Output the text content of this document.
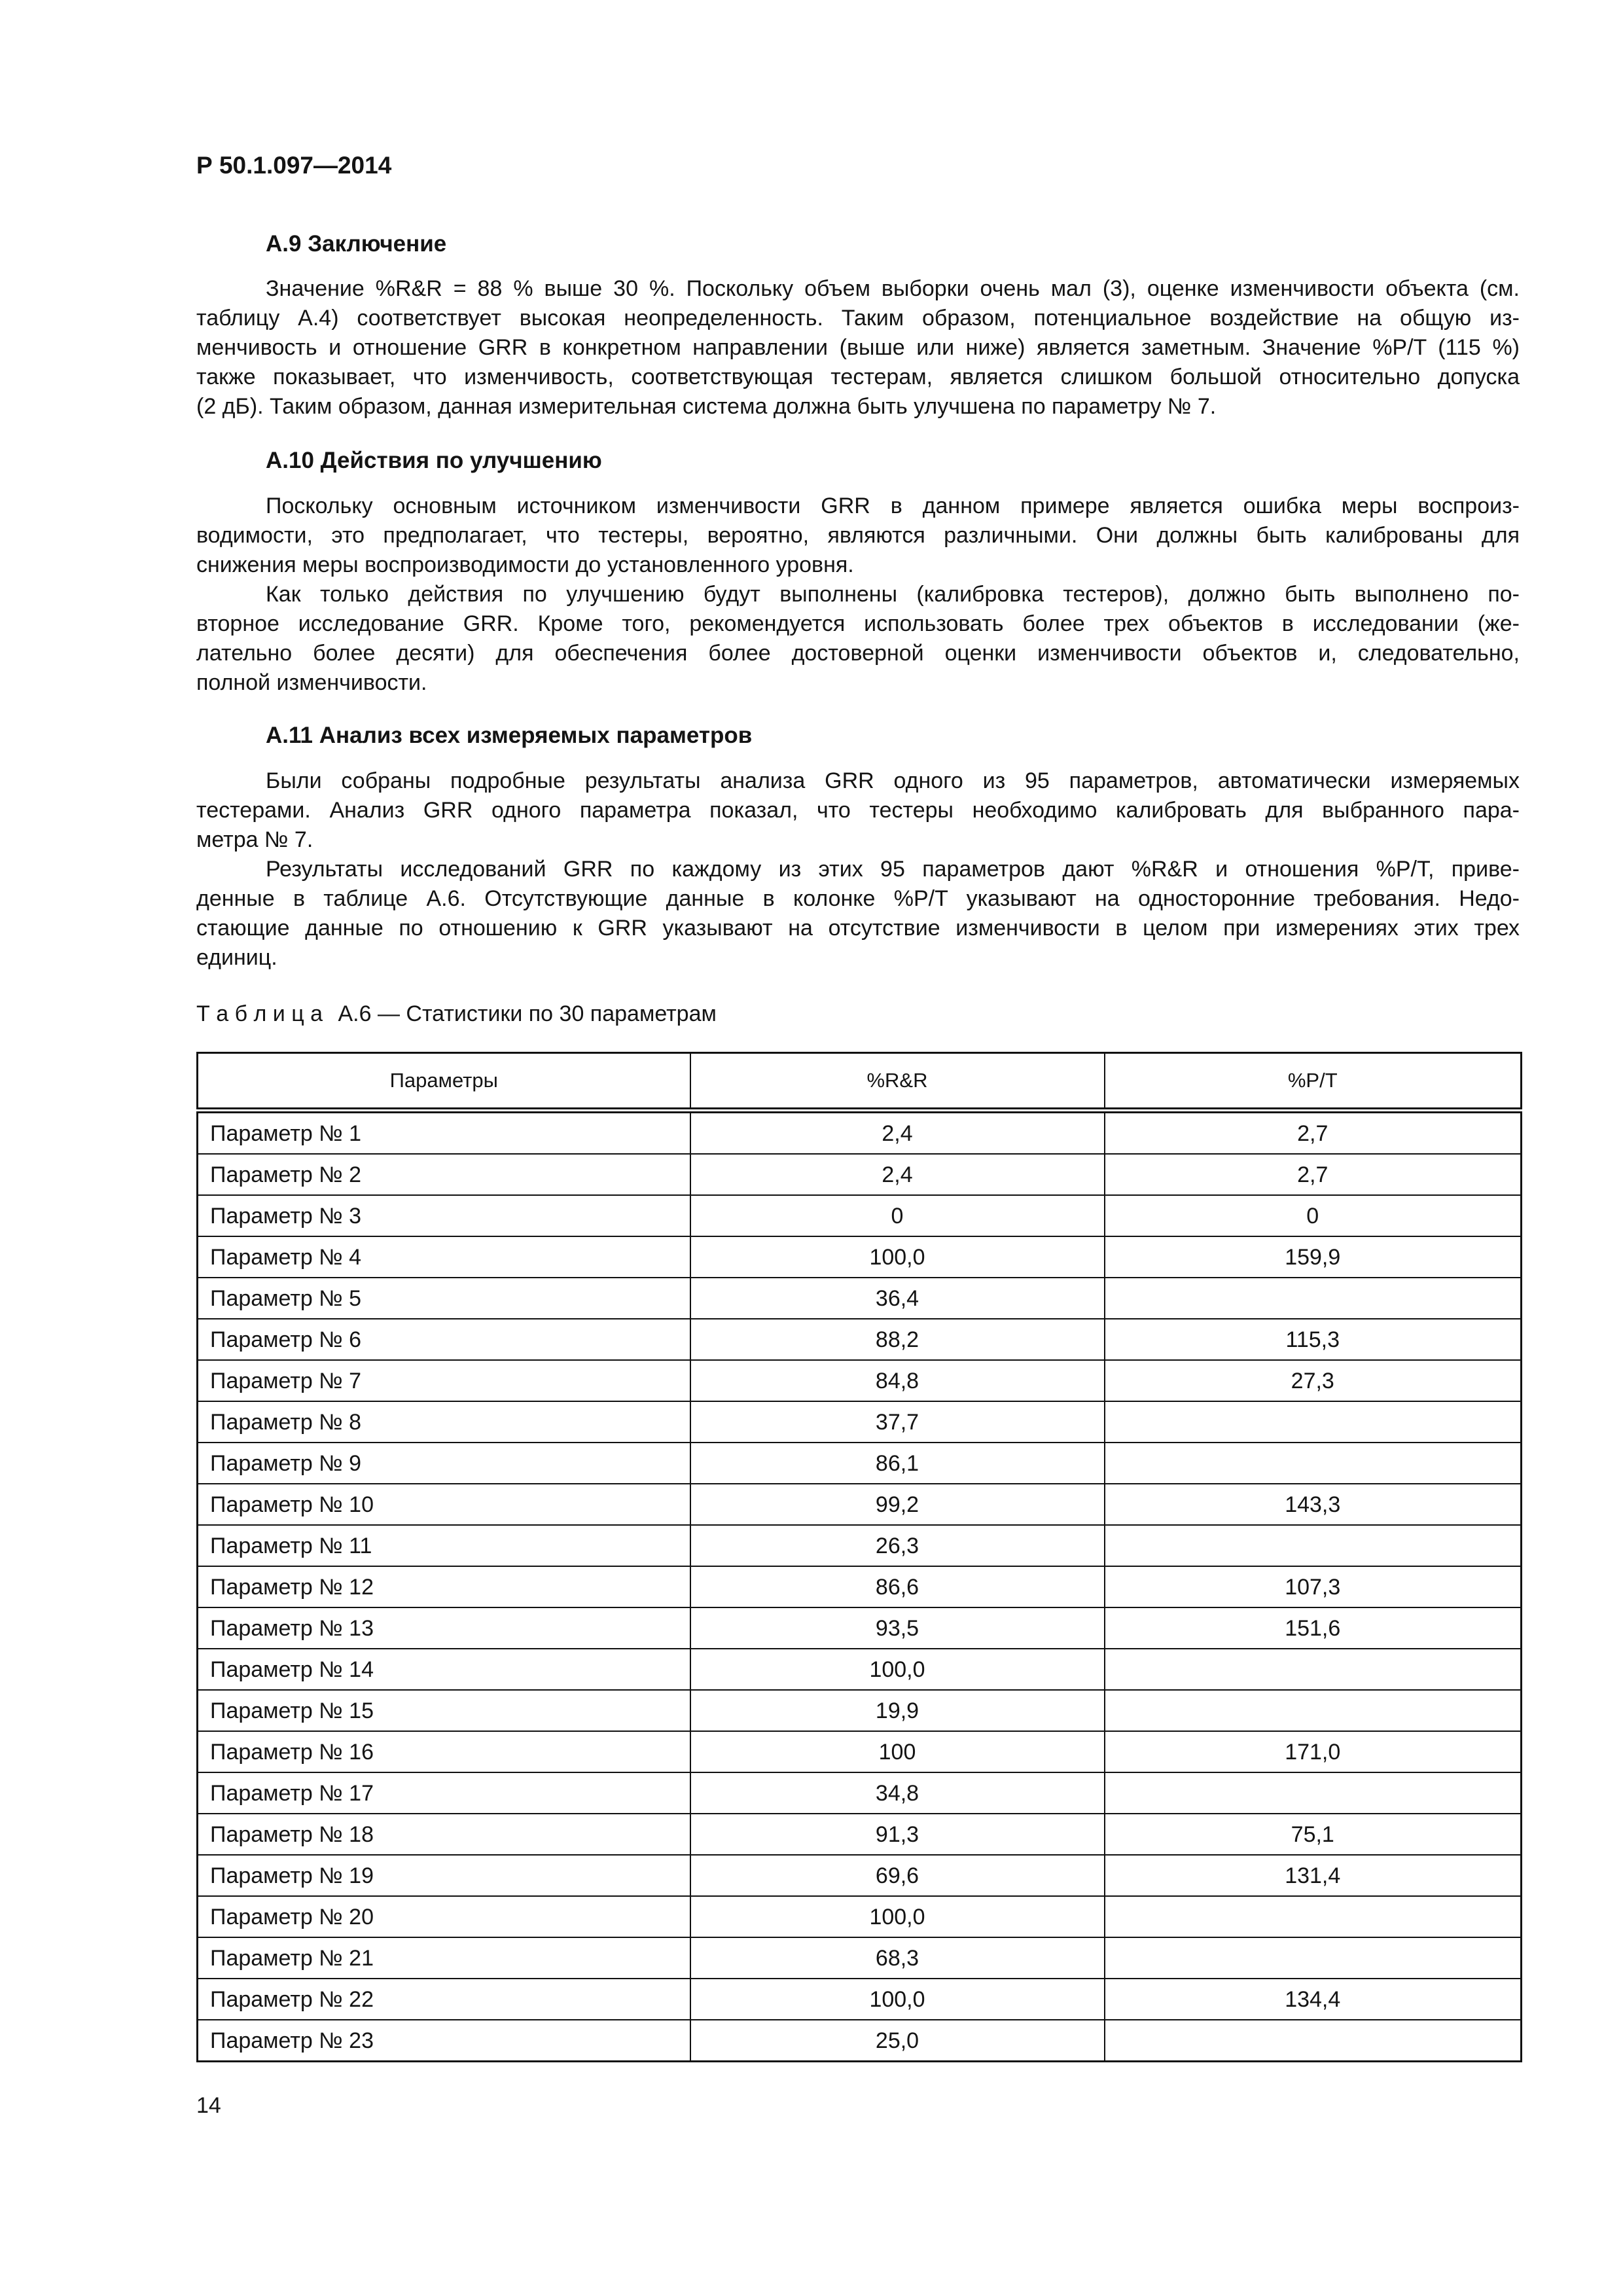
Р 50.1.097—2014
А.9 Заключение
Значение %R&R = 88 % выше 30 %. Поскольку объем выборки очень мал (3), оценке изменчивости объекта (см.
таблицу А.4) соответствует высокая неопределенность. Таким образом, потенциальное воздействие на общую из-
менчивость и отношение GRR в конкретном направлении (выше или ниже) является заметным. Значение %P/T (115 %)
также показывает, что изменчивость, соответствующая тестерам, является слишком большой относительно допуска
(2 дБ). Таким образом, данная измерительная система должна быть улучшена по параметру № 7.
А.10 Действия по улучшению
Поскольку основным источником изменчивости GRR в данном примере является ошибка меры воспроиз-
водимости, это предполагает, что тестеры, вероятно, являются различными. Они должны быть калиброваны для
снижения меры воспроизводимости до установленного уровня.
Как только действия по улучшению будут выполнены (калибровка тестеров), должно быть выполнено по-
вторное исследование GRR. Кроме того, рекомендуется использовать более трех объектов в исследовании (же-
лательно более десяти) для обеспечения более достоверной оценки изменчивости объектов и, следовательно,
полной изменчивости.
А.11 Анализ всех измеряемых параметров
Были собраны подробные результаты анализа GRR одного из 95 параметров, автоматически измеряемых
тестерами. Анализ GRR одного параметра показал, что тестеры необходимо калибровать для выбранного пара-
метра № 7.
Результаты исследований GRR по каждому из этих 95 параметров дают %R&R и отношения %P/T, приве-
денные в таблице А.6. Отсутствующие данные в колонке %P/T указывают на односторонние требования. Недо-
стающие данные по отношению к GRR указывают на отсутствие изменчивости в целом при измерениях этих трех
единиц.
Т а б л и ц а А.6 — Статистики по 30 параметрам
Параметры	%R&R	%P/T
Параметр № 1	2,4	2,7
Параметр № 2	2,4	2,7
Параметр № 3	0	0
Параметр № 4	100,0	159,9
Параметр № 5	36,4	
Параметр № 6	88,2	115,3
Параметр № 7	84,8	27,3
Параметр № 8	37,7	
Параметр № 9	86,1	
Параметр № 10	99,2	143,3
Параметр № 11	26,3	
Параметр № 12	86,6	107,3
Параметр № 13	93,5	151,6
Параметр № 14	100,0	
Параметр № 15	19,9	
Параметр № 16	100	171,0
Параметр № 17	34,8	
Параметр № 18	91,3	75,1
Параметр № 19	69,6	131,4
Параметр № 20	100,0	
Параметр № 21	68,3	
Параметр № 22	100,0	134,4
Параметр № 23	25,0	
14
